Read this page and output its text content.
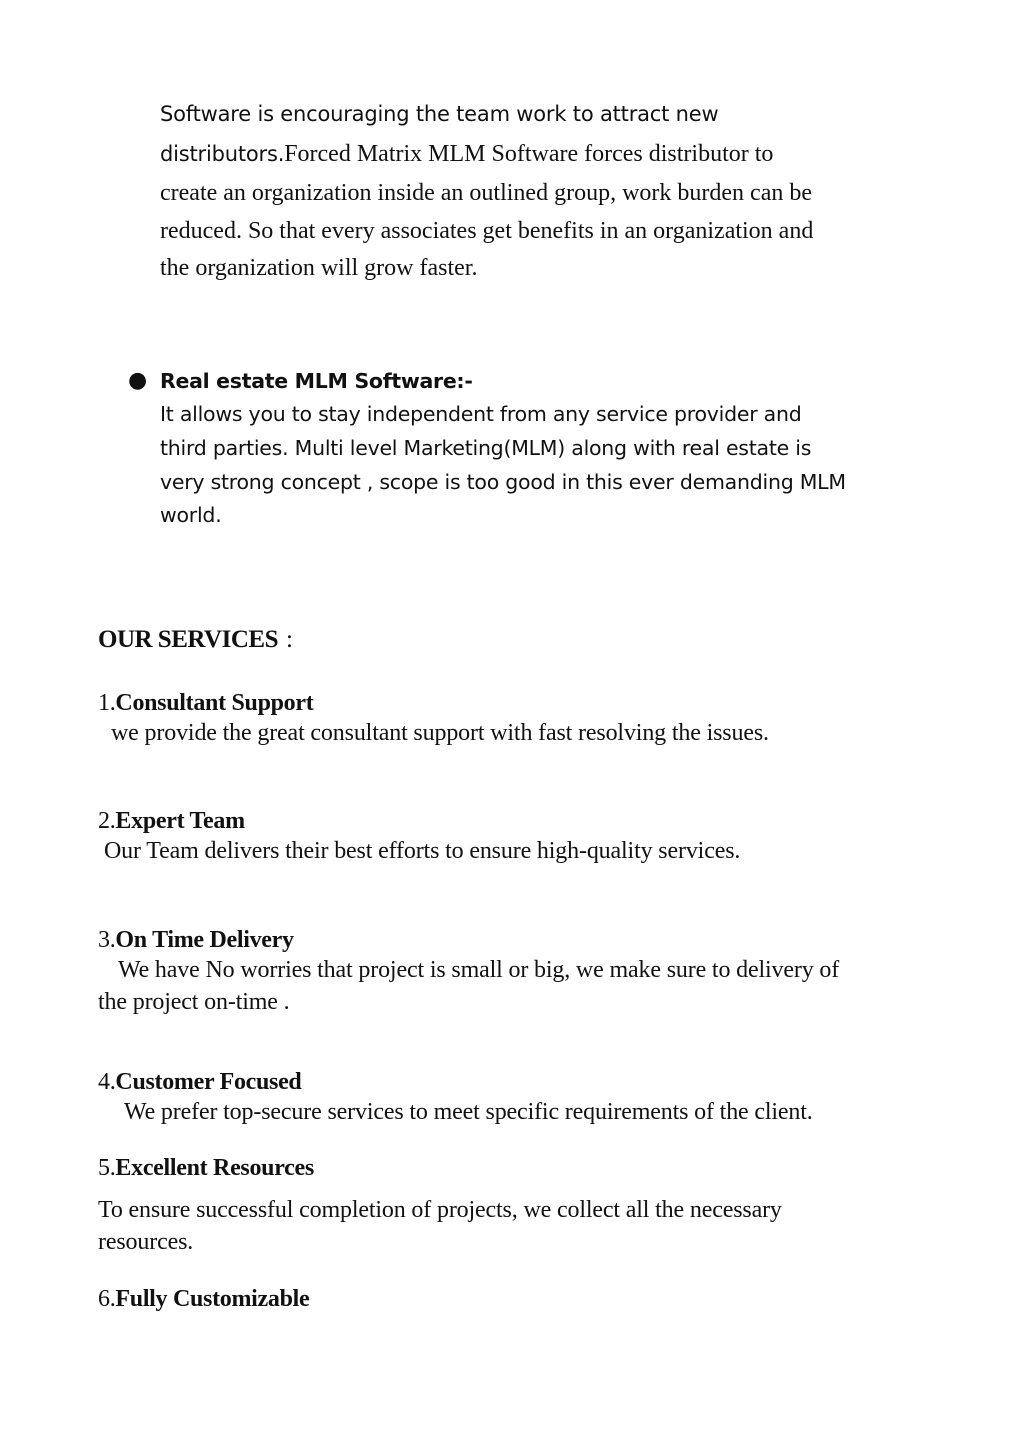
Software is encouraging the team work to attract new
distributors.Forced Matrix MLM Software forces distributor to
create an organization inside an outlined group, work burden can be
reduced. So that every associates get benefits in an organization and
the organization will grow faster.
● Real estate MLM Software:-
It allows you to stay independent from any service provider and
third parties. Multi level Marketing(MLM) along with real estate is
very strong concept , scope is too good in this ever demanding MLM
world.
OUR SERVICES :
1.Consultant Support
we provide the great consultant support with fast resolving the issues.
2.Expert Team
Our Team delivers their best efforts to ensure high-quality services.
3.On Time Delivery
We have No worries that project is small or big, we make sure to delivery of
the project on-time .
4.Customer Focused
We prefer top-secure services to meet specific requirements of the client.
5.Excellent Resources
To ensure successful completion of projects, we collect all the necessary
resources.
6.Fully Customizable
